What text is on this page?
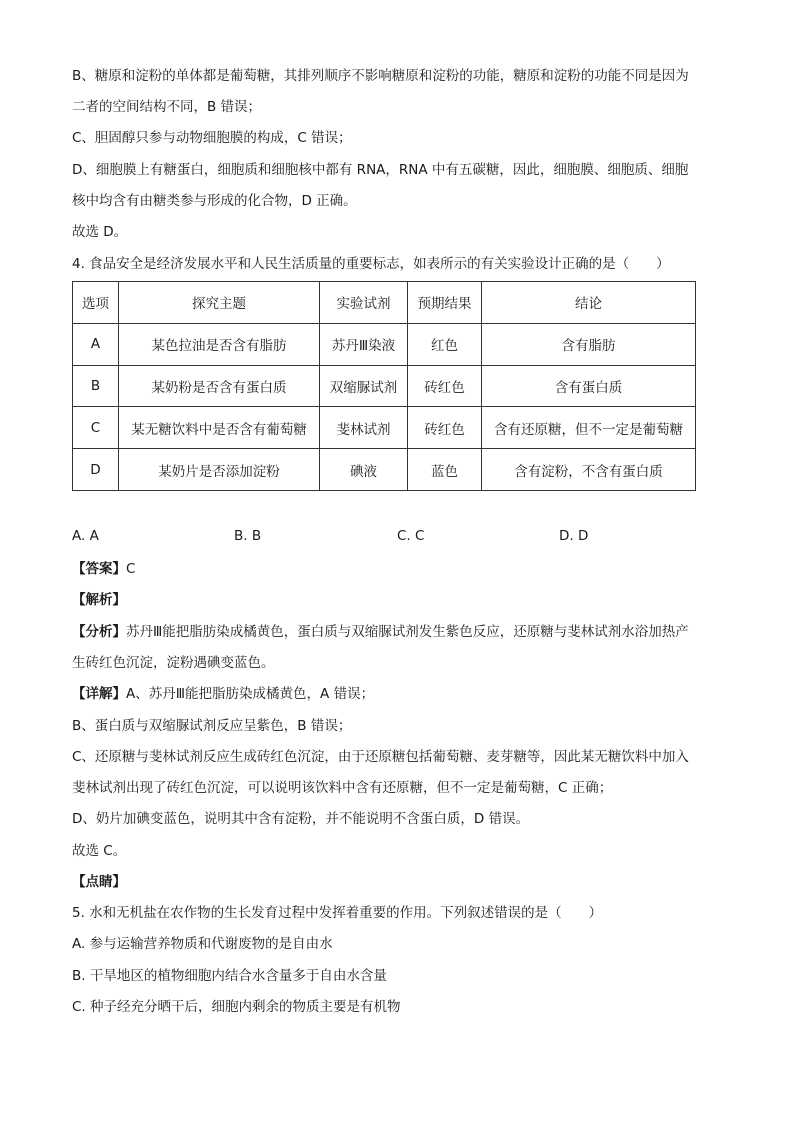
B、糖原和淀粉的单体都是葡萄糖，其排列顺序不影响糖原和淀粉的功能，糖原和淀粉的功能不同是因为
二者的空间结构不同，B 错误；
C、胆固醇只参与动物细胞膜的构成，C 错误；
D、细胞膜上有糖蛋白，细胞质和细胞核中都有 RNA，RNA 中有五碳糖，因此，细胞膜、细胞质、细胞
核中均含有由糖类参与形成的化合物，D 正确。
故选 D。
4. 食品安全是经济发展水平和人民生活质量的重要标志，如表所示的有关实验设计正确的是（　　）
选项	探究主题	实验试剂	预期结果	结论
A	某色拉油是否含有脂肪	苏丹Ⅲ染液	红色	含有脂肪
B	某奶粉是否含有蛋白质	双缩脲试剂	砖红色	含有蛋白质
C	某无糖饮料中是否含有葡萄糖	斐林试剂	砖红色	含有还原糖，但不一定是葡萄糖
D	某奶片是否添加淀粉	碘液	蓝色	含有淀粉，不含有蛋白质
A. A	B. B	C. C	D. D
【答案】C
【解析】
【分析】苏丹Ⅲ能把脂肪染成橘黄色，蛋白质与双缩脲试剂发生紫色反应，还原糖与斐林试剂水浴加热产
生砖红色沉淀，淀粉遇碘变蓝色。
【详解】A、苏丹Ⅲ能把脂肪染成橘黄色，A 错误；
B、蛋白质与双缩脲试剂反应呈紫色，B 错误；
C、还原糖与斐林试剂反应生成砖红色沉淀，由于还原糖包括葡萄糖、麦芽糖等，因此某无糖饮料中加入
斐林试剂出现了砖红色沉淀，可以说明该饮料中含有还原糖，但不一定是葡萄糖，C 正确；
D、奶片加碘变蓝色，说明其中含有淀粉，并不能说明不含蛋白质，D 错误。
故选 C。
【点睛】
5. 水和无机盐在农作物的生长发育过程中发挥着重要的作用。下列叙述错误的是（　　）
A. 参与运输营养物质和代谢废物的是自由水
B. 干旱地区的植物细胞内结合水含量多于自由水含量
C. 种子经充分晒干后，细胞内剩余的物质主要是有机物
